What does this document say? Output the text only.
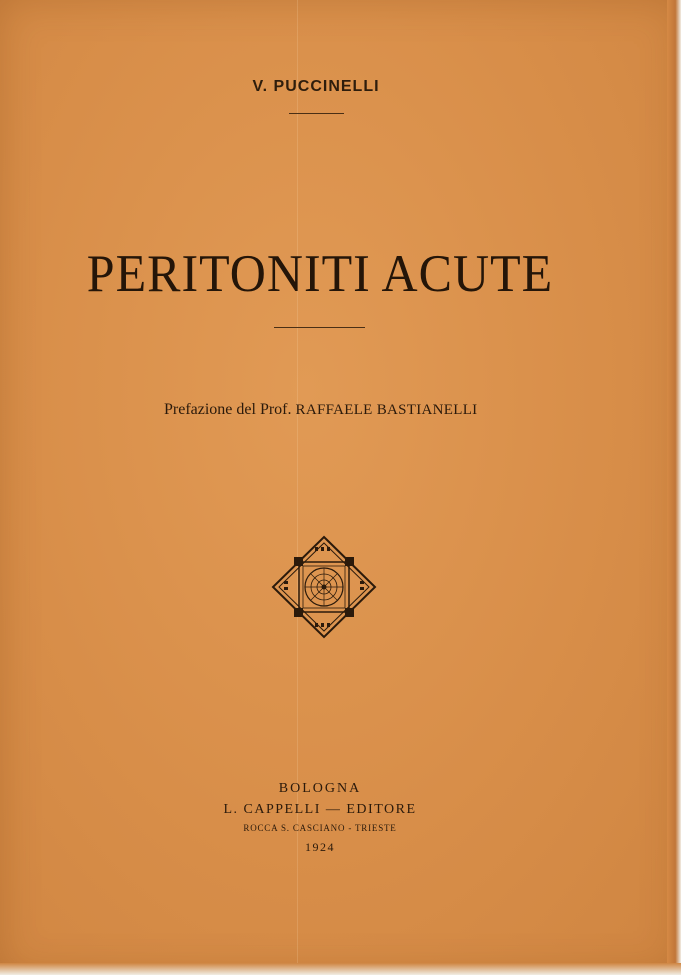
V. PUCCINELLI
PERITONITI ACUTE
Prefazione del Prof. RAFFAELE BASTIANELLI
BOLOGNA
L. CAPPELLI — EDITORE
ROCCA S. CASCIANO - TRIESTE
1924
